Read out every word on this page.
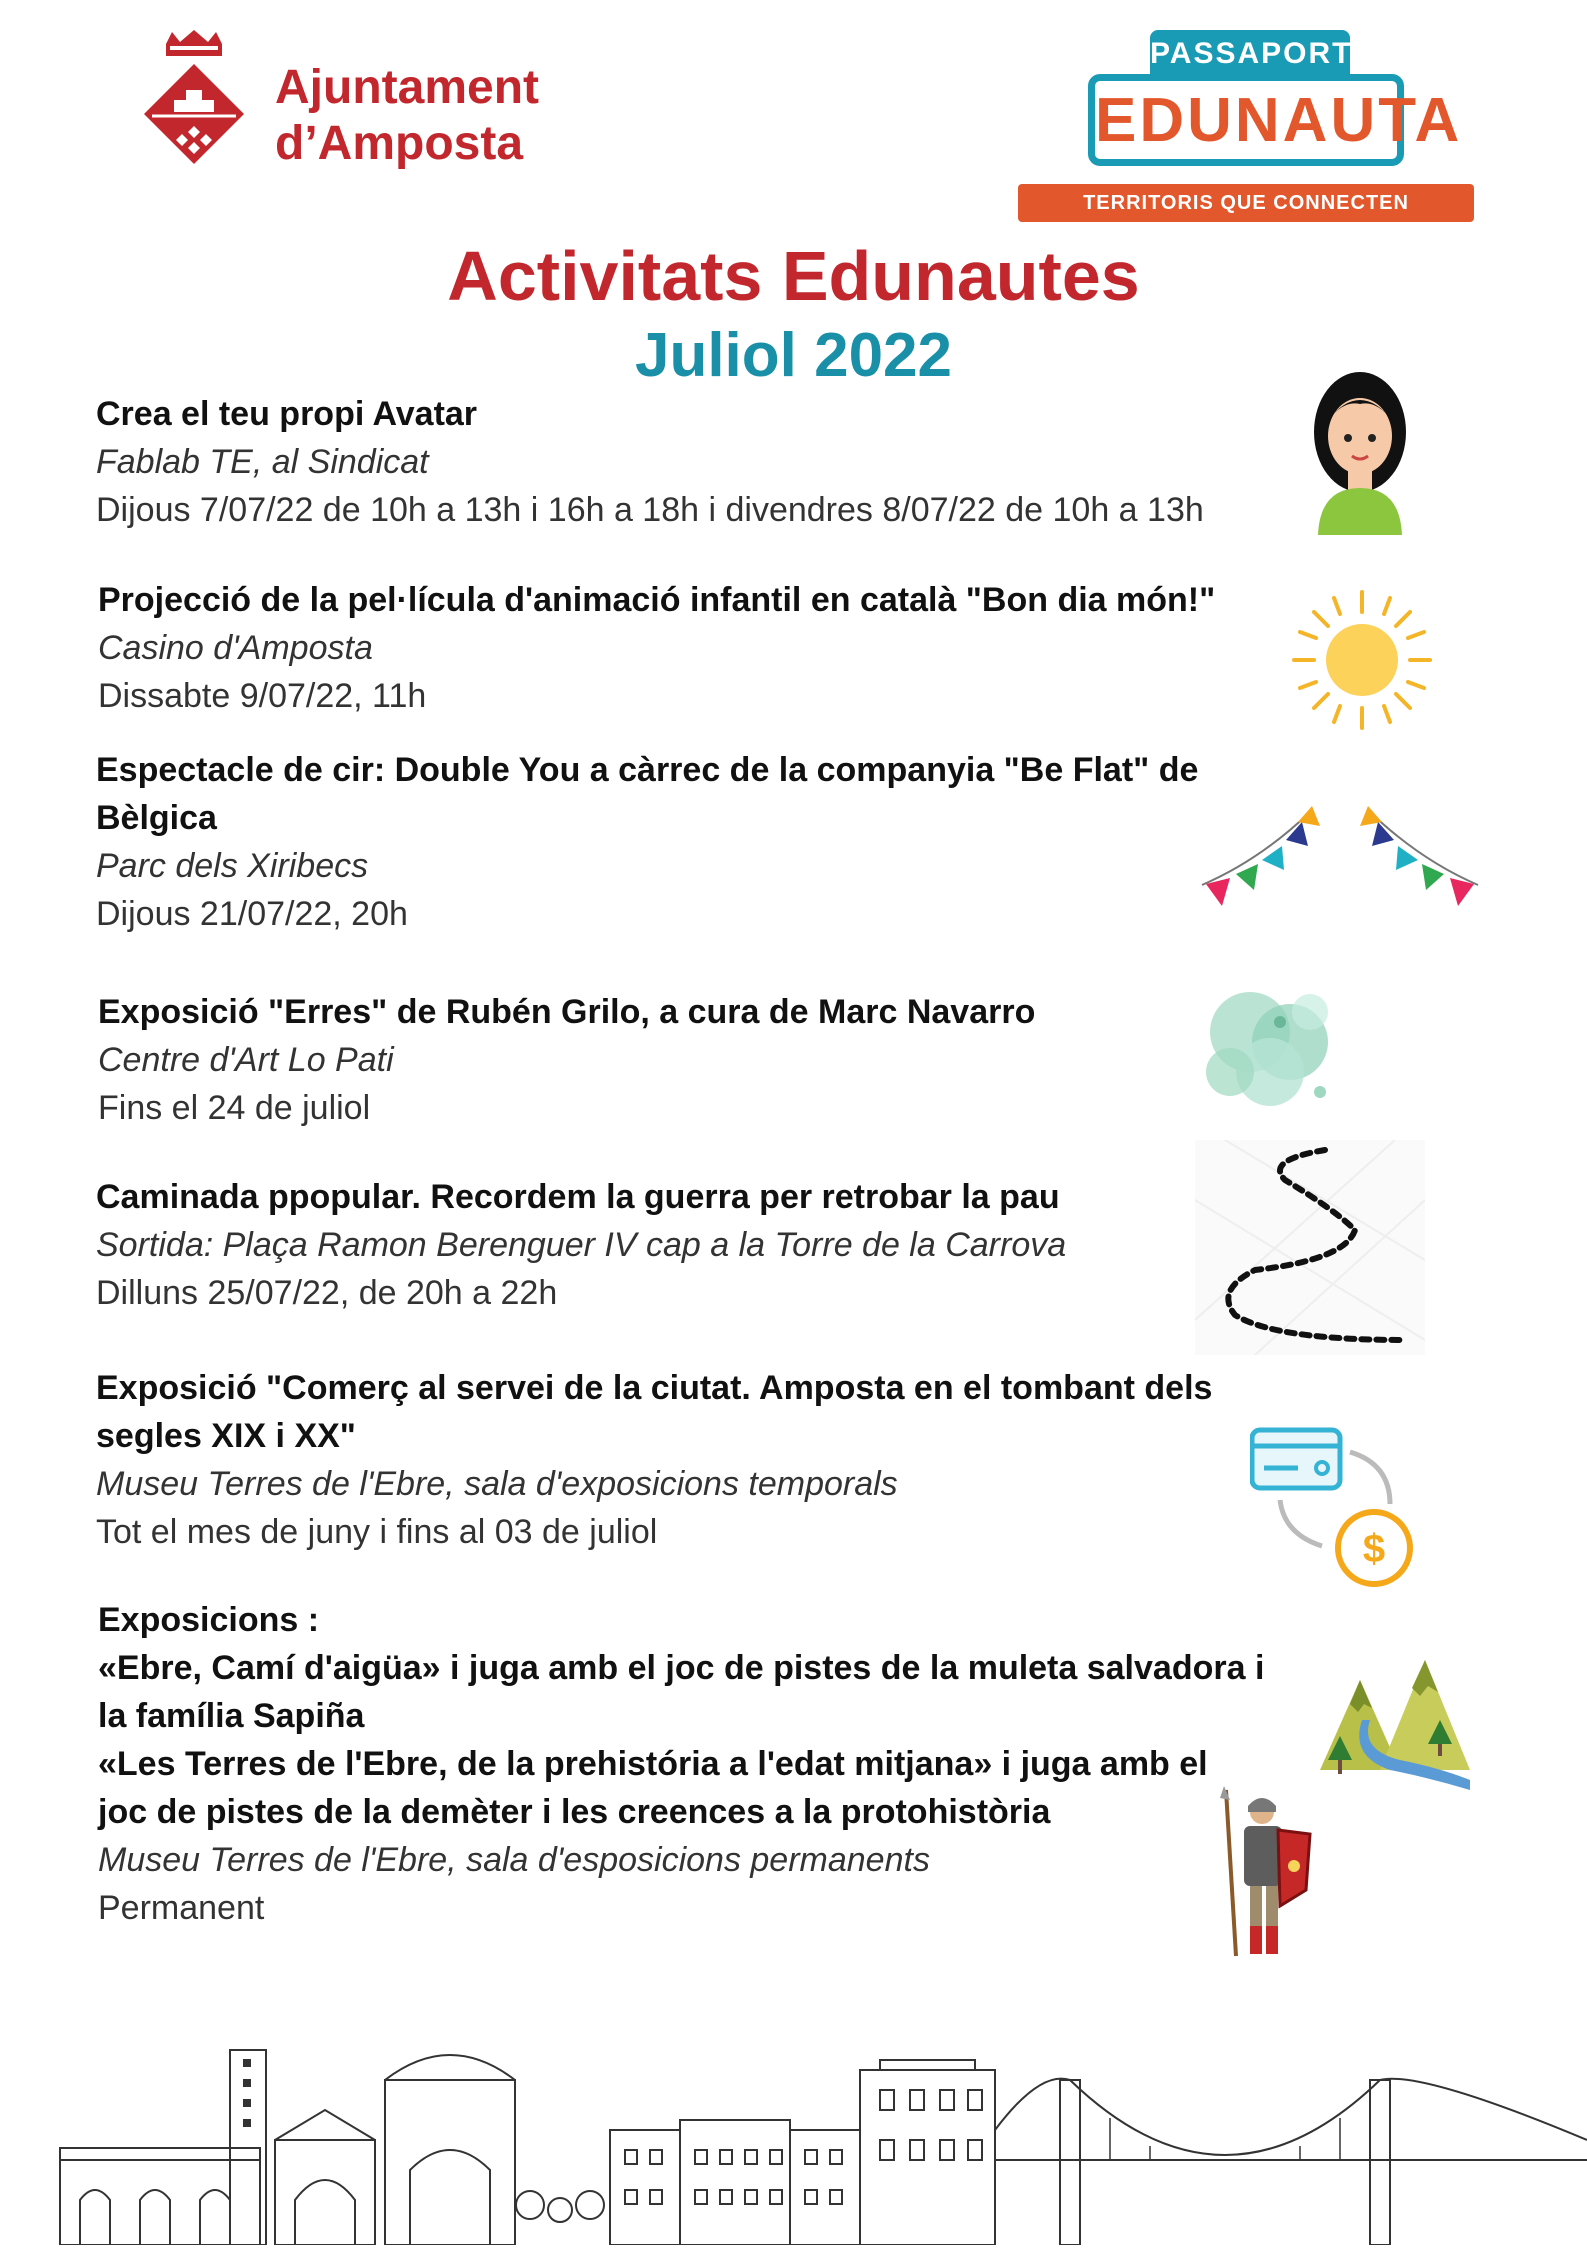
Ajuntament
d’Amposta
PASSAPORT
EDUNAUTA
TERRITORIS QUE CONNECTEN OPORTUNITATS
Activitats Edunautes
Juliol 2022
Crea el teu propi Avatar
Fablab TE, al Sindicat
Dijous 7/07/22 de 10h a 13h i 16h a 18h i divendres 8/07/22 de 10h a 13h
Projecció de la pel·lícula d'animació infantil en català "Bon dia món!"
Casino d'Amposta
Dissabte 9/07/22, 11h
Espectacle de cir: Double You a càrrec de la companyia "Be Flat" de
Bèlgica
Parc dels Xiribecs
Dijous 21/07/22, 20h
Exposició "Erres" de Rubén Grilo, a cura de Marc Navarro
Centre d'Art Lo Pati
Fins el 24 de juliol
Caminada ppopular. Recordem la guerra per retrobar la pau
Sortida: Plaça Ramon Berenguer IV cap a la Torre de la Carrova
Dilluns 25/07/22, de 20h a 22h
Exposició "Comerç al servei de la ciutat. Amposta en el tombant dels
segles XIX i XX"
Museu Terres de l'Ebre, sala d'exposicions temporals
Tot el mes de juny i fins al 03 de juliol	$
Exposicions :
«Ebre, Camí d'aigüa» i juga amb el joc de pistes de la muleta salvadora i
la família Sapiña
«Les Terres de l'Ebre, de la prehistória a l'edat mitjana» i juga amb el
joc de pistes de la demèter i les creences a la protohistòria
Museu Terres de l'Ebre, sala d'esposicions permanents
Permanent
